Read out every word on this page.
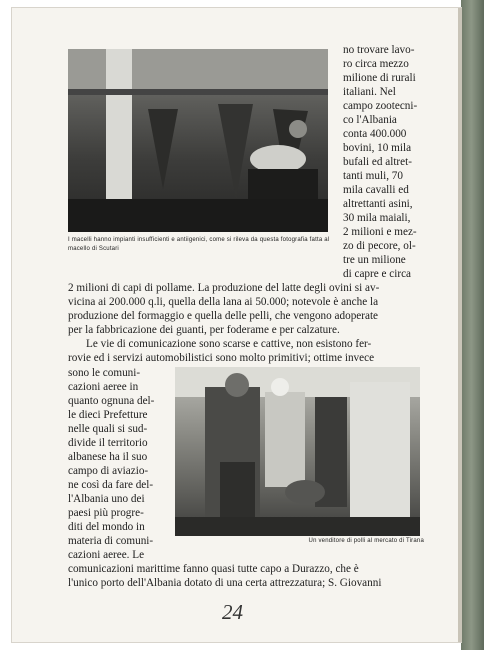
I macelli hanno impianti insufficienti e antiigenici, come si rileva da questa fotografia fatta al macello di Scutari
Un venditore di polli al mercato di Tirana
no trovare lavo-
ro circa mezzo
milione di rurali
italiani. Nel
campo zootecni-
co l'Albania
conta 400.000
bovini, 10 mila
bufali ed altret-
tanti muli, 70
mila cavalli ed
altrettanti asini,
30 mila maiali,
2 milioni e mez-
zo di pecore, ol-
tre un milione
di capre e circa
2 milioni di capi di pollame. La produzione del latte degli ovini si av-
vicina ai 200.000 q.li, quella della lana ai 50.000; notevole è anche la
produzione del formaggio e quella delle pelli, che vengono adoperate
per la fabbricazione dei guanti, per foderame e per calzature.
Le vie di comunicazione sono scarse e cattive, non esistono fer-
rovie ed i servizi automobilistici sono molto primitivi; ottime invece
sono le comuni-
cazioni aeree in
quanto ognuna del-
le dieci Prefetture
nelle quali si sud-
divide il territorio
albanese ha il suo
campo di aviazio-
ne così da fare del-
l'Albania uno dei
paesi più progre-
diti del mondo in
materia di comuni-
cazioni aeree. Le
comunicazioni marittime fanno quasi tutte capo a Durazzo, che è
l'unico porto dell'Albania dotato di una certa attrezzatura; S. Giovanni
24
